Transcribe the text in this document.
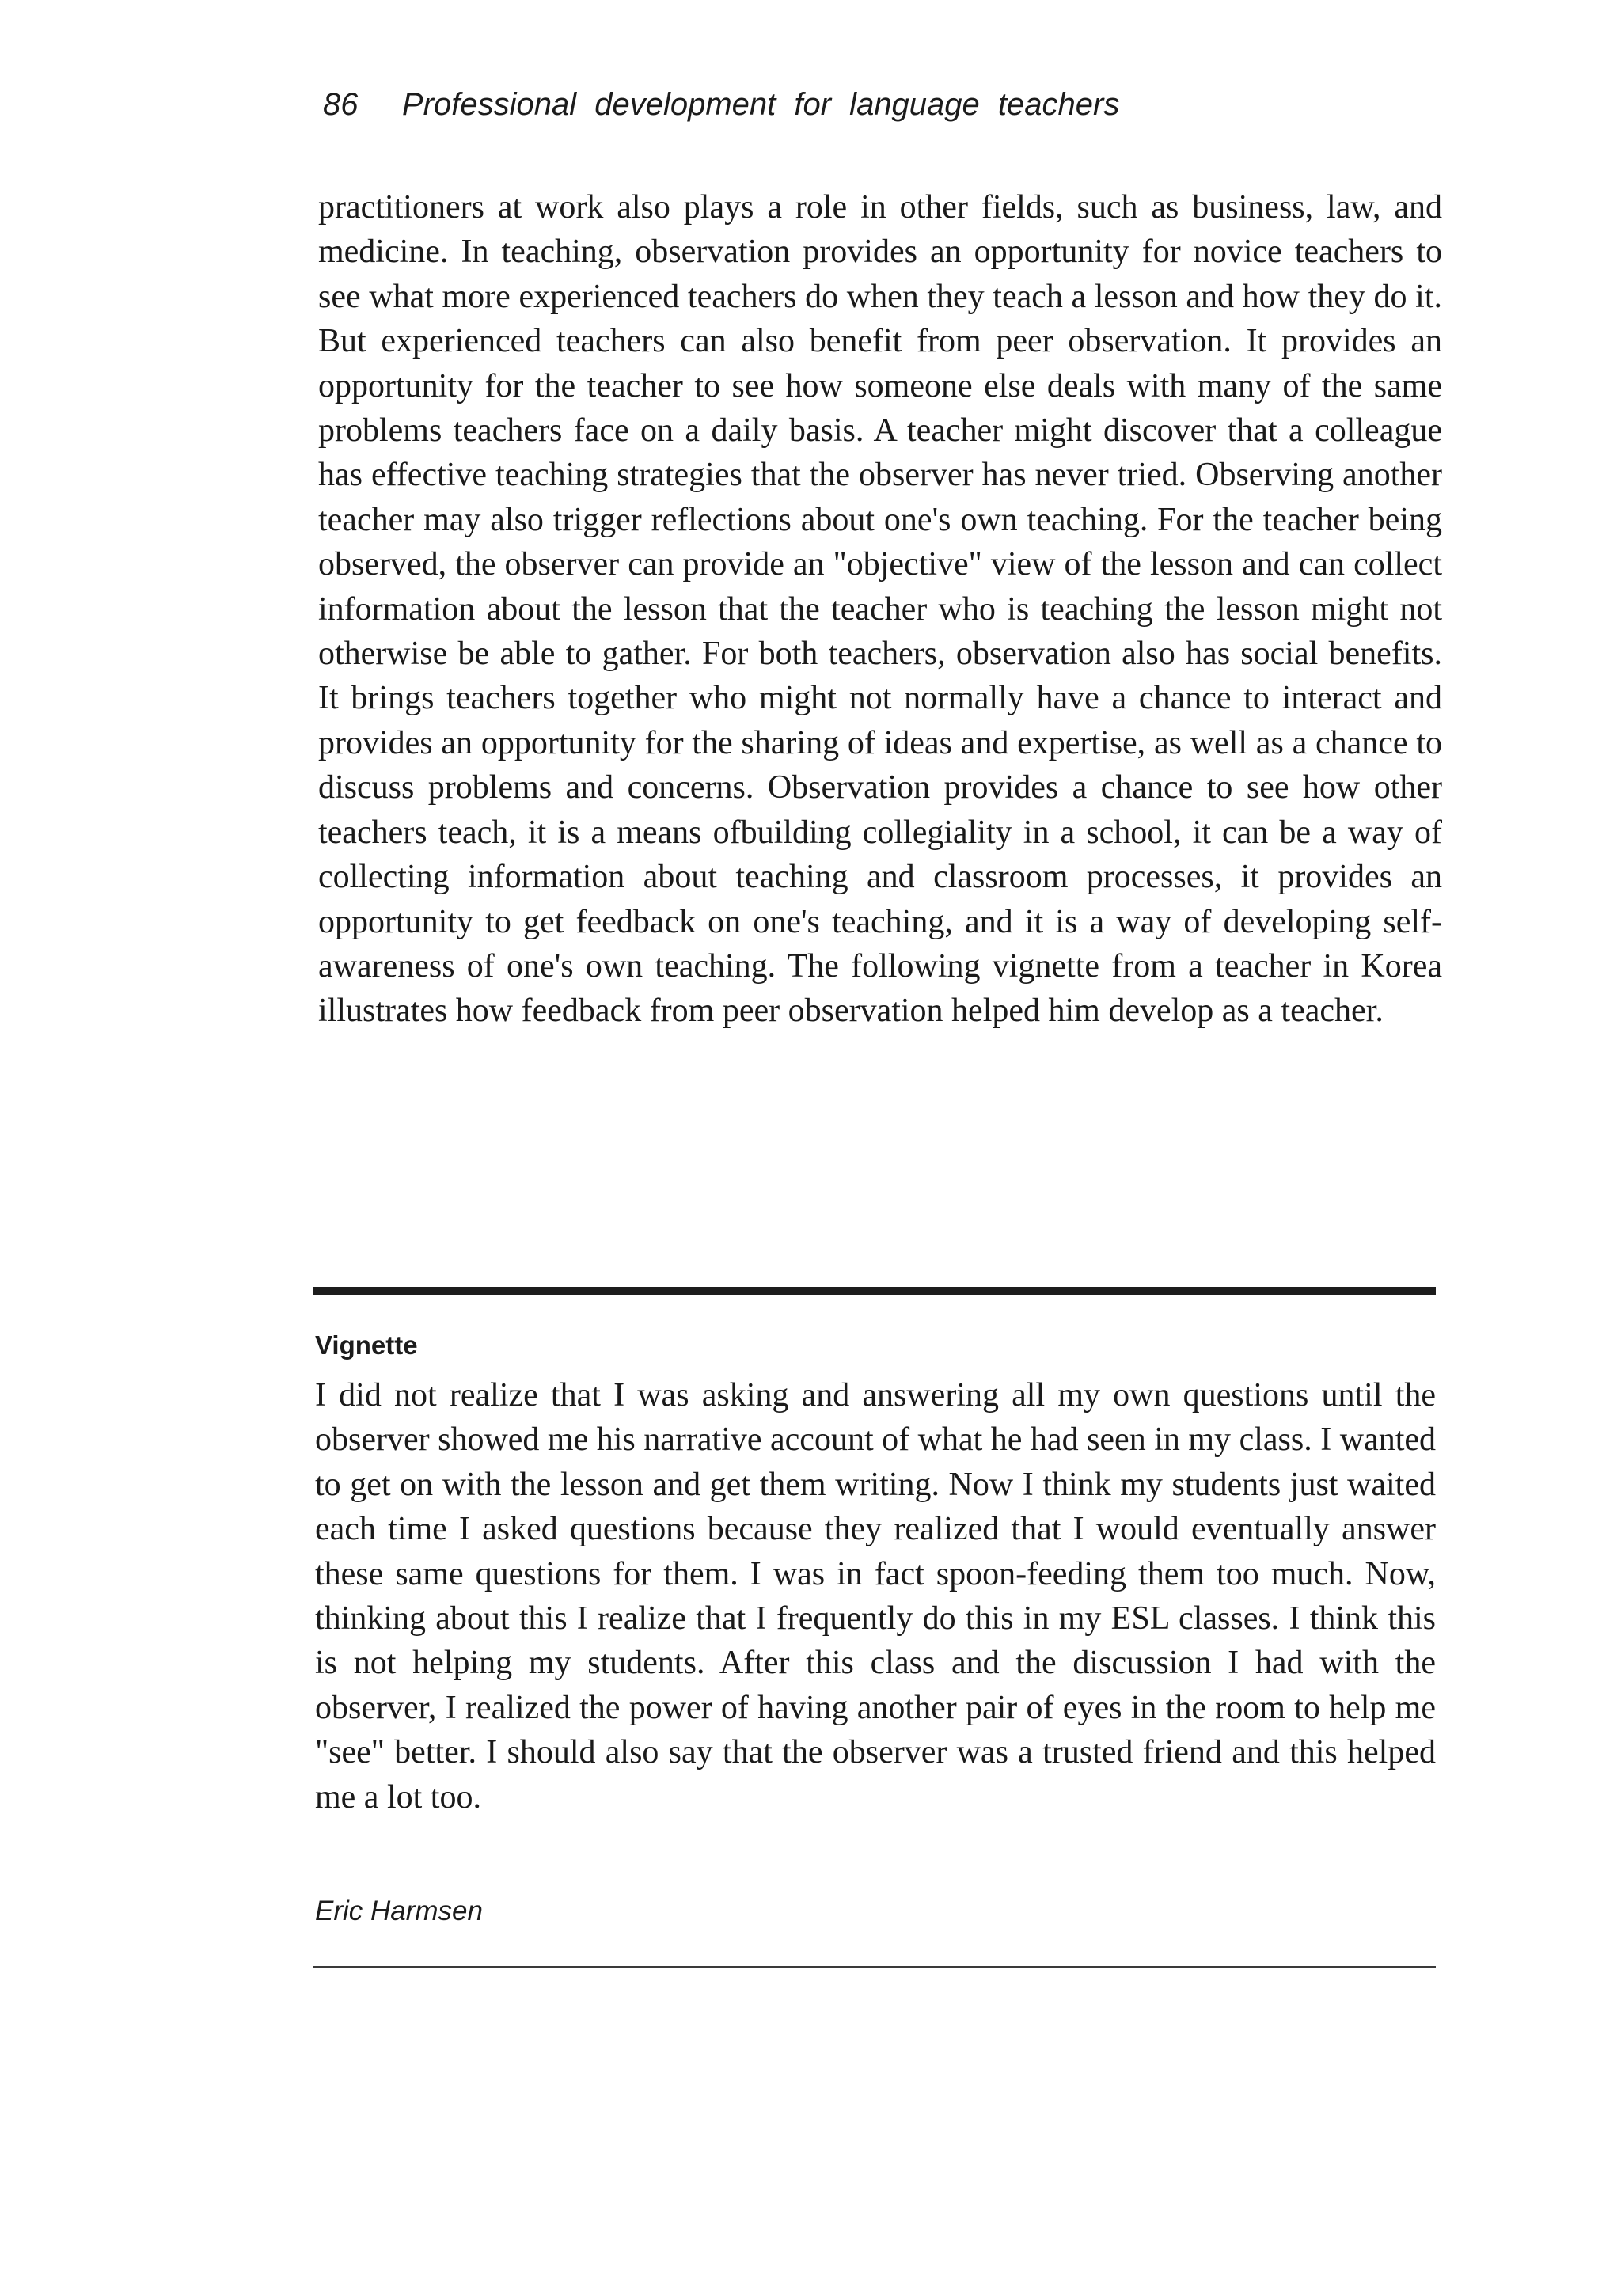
86 Professional development for language teachers

practitioners at work also plays a role in other fields, such as business, law, and medicine. In teaching, observation provides an opportunity for novice teachers to see what more experienced teachers do when they teach a lesson and how they do it. But experienced teachers can also benefit from peer observation. It provides an opportunity for the teacher to see how someone else deals with many of the same problems teachers face on a daily basis. A teacher might discover that a colleague has effective teaching strategies that the observer has never tried. Observing another teacher may also trigger reflections about one's own teaching. For the teacher being observed, the observer can provide an "objective" view of the lesson and can collect information about the lesson that the teacher who is teaching the lesson might not otherwise be able to gather. For both teachers, observation also has social benefits. It brings teachers together who might not normally have a chance to interact and provides an opportunity for the sharing of ideas and expertise, as well as a chance to discuss problems and concerns. Observation provides a chance to see how other teachers teach, it is a means ofbuilding collegiality in a school, it can be a way of collecting information about teaching and classroom processes, it provides an opportunity to get feedback on one's teaching, and it is a way of developing self-awareness of one's own teaching. The following vignette from a teacher in Korea illustrates how feedback from peer observation helped him develop as a teacher.

Vignette

I did not realize that I was asking and answering all my own questions until the observer showed me his narrative account of what he had seen in my class. I wanted to get on with the lesson and get them writing. Now I think my students just waited each time I asked questions because they realized that I would eventually answer these same questions for them. I was in fact spoon-feeding them too much. Now, thinking about this I realize that I frequently do this in my ESL classes. I think this is not helping my students. After this class and the discussion I had with the observer, I realized the power of having another pair of eyes in the room to help me "see" better. I should also say that the observer was a trusted friend and this helped me a lot too.

Eric Harmsen
